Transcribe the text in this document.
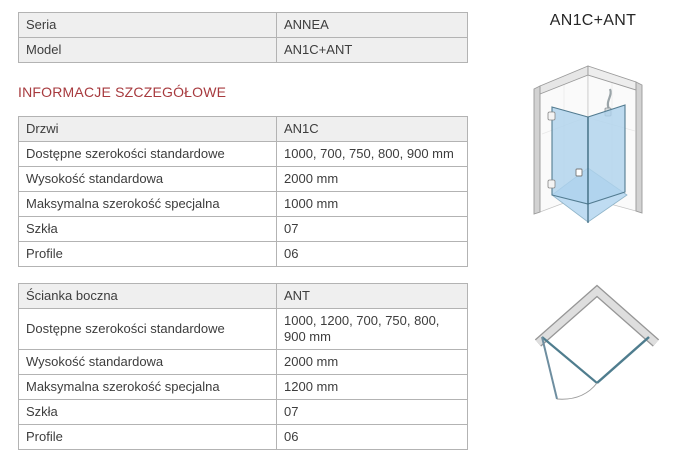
Seria	ANNEA
Model	AN1C+ANT
INFORMACJE SZCZEGÓŁOWE
Drzwi	AN1C
Dostępne szerokości standardowe	1000, 700, 750, 800, 900 mm
Wysokość standardowa	2000 mm
Maksymalna szerokość specjalna	1000 mm
Szkła	07
Profile	06
Ścianka boczna	ANT
Dostępne szerokości standardowe	1000, 1200, 700, 750, 800, 900 mm
Wysokość standardowa	2000 mm
Maksymalna szerokość specjalna	1200 mm
Szkła	07
Profile	06
AN1C+ANT
